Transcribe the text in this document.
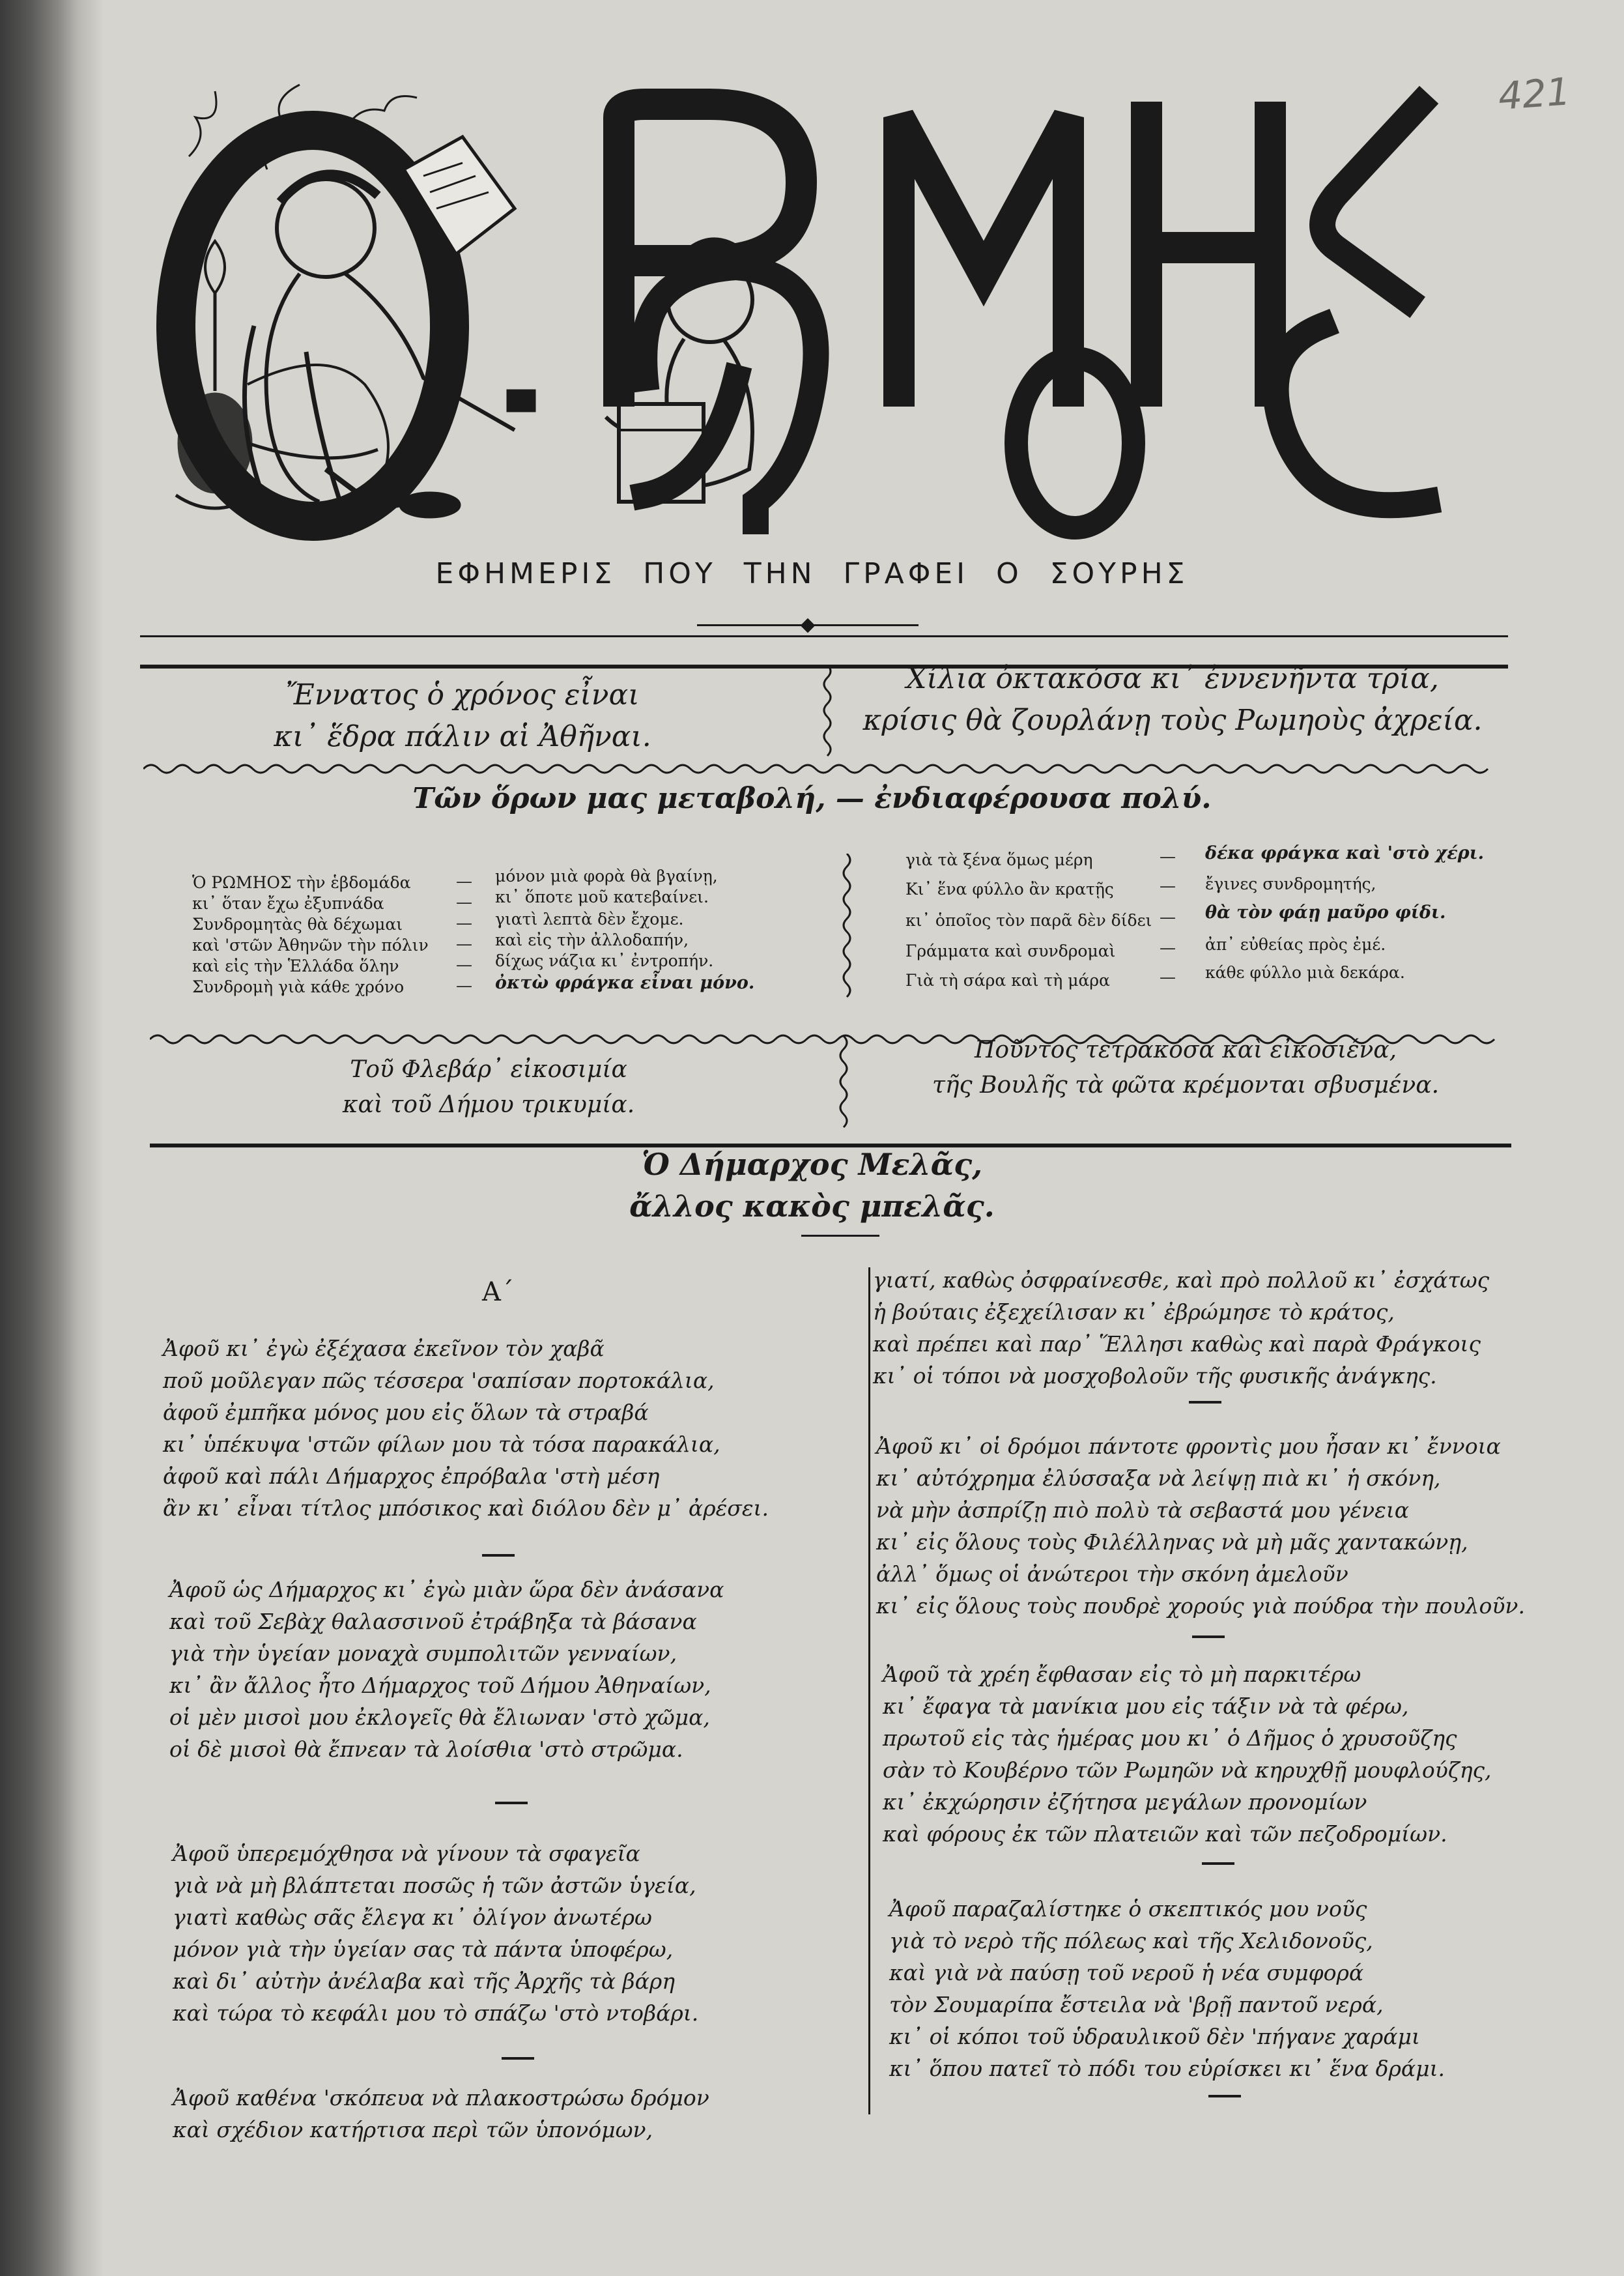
421
ΕΦΗΜΕΡΙΣ ΠΟΥ ΤΗΝ ΓΡΑΦΕΙ Ο ΣΟΥΡΗΣ
Ἔννατος ὁ χρόνος εἶναι
κι᾿ ἕδρα πάλιν αἱ Ἀθῆναι.
Χίλια ὀκτακόσα κι᾿ ἐννενῆντα τρία,
κρίσις θὰ ζουρλάνῃ τοὺς Ρωμηοὺς ἀχρεία.
Τῶν ὅρων μας μεταβολή, — ἐνδιαφέρουσα πολύ.
Ὁ ΡΩΜΗΟΣ τὴν ἑβδομάδα	— μόνον μιὰ φορὰ θὰ βγαίνῃ,
κι᾿ ὅταν ἔχω ἐξυπνάδα	— κι᾿ ὅποτε μοῦ κατεβαίνει.
Συνδρομητὰς θὰ δέχωμαι	— γιατὶ λεπτὰ δὲν ἔχομε.
καὶ 'στῶν Ἀθηνῶν τὴν πόλιν — καὶ εἰς τὴν ἀλλοδαπήν,
καὶ εἰς τὴν Ἑλλάδα ὅλην	— δίχως νάζια κι᾿ ἐντροπήν.
Συνδρομὴ γιὰ κάθε χρόνο	— ὀκτὼ φράγκα εἶναι μόνο.
γιὰ τὰ ξένα ὅμως μέρη	— δέκα φράγκα καὶ 'στὸ χέρι.
Κι᾿ ἕνα φύλλο ἂν κρατῇς	— ἔγινες συνδρομητής,
κι᾿ ὁποῖος τὸν παρᾶ δὲν δίδει — θὰ τὸν φάῃ μαῦρο φίδι.
Γράμματα καὶ συνδρομαὶ	— ἀπ᾿ εὐθείας πρὸς ἐμέ.
Γιὰ τὴ σάρα καὶ τὴ μάρα	— κάθε φύλλο μιὰ δεκάρα.
Τοῦ Φλεβάρ᾿ εἰκοσιμία
καὶ τοῦ Δήμου τρικυμία.
Ποῦντος τετρακόσα καὶ εἰκοσιένα,
τῆς Βουλῆς τὰ φῶτα κρέμονται σβυσμένα.
Ὁ Δήμαρχος Μελᾶς,
ἄλλος κακὸς μπελᾶς.
Α΄
Ἀφοῦ κι᾿ ἐγὼ ἐξέχασα ἐκεῖνον τὸν χαβᾶ
ποῦ μοῦλεγαν πῶς τέσσερα 'σαπίσαν πορτοκάλια,
ἀφοῦ ἐμπῆκα μόνος μου εἰς ὅλων τὰ στραβά
κι᾿ ὑπέκυψα 'στῶν φίλων μου τὰ τόσα παρακάλια,
ἀφοῦ καὶ πάλι Δήμαρχος ἐπρόβαλα 'στὴ μέση
ἂν κι᾿ εἶναι τίτλος μπόσικος καὶ διόλου δὲν μ᾿ ἀρέσει.
Ἀφοῦ ὡς Δήμαρχος κι᾿ ἐγὼ μιὰν ὥρα δὲν ἀνάσανα
καὶ τοῦ Σεβὰχ θαλασσινοῦ ἐτράβηξα τὰ βάσανα
γιὰ τὴν ὑγείαν μοναχὰ συμπολιτῶν γενναίων,
κι᾿ ἂν ἄλλος ἦτο Δήμαρχος τοῦ Δήμου Ἀθηναίων,
οἱ μὲν μισοὶ μου ἐκλογεῖς θὰ ἔλιωναν 'στὸ χῶμα,
οἱ δὲ μισοὶ θὰ ἔπνεαν τὰ λοίσθια 'στὸ στρῶμα.
Ἀφοῦ ὑπερεμόχθησα νὰ γίνουν τὰ σφαγεῖα
γιὰ νὰ μὴ βλάπτεται ποσῶς ἡ τῶν ἀστῶν ὑγεία,
γιατὶ καθὼς σᾶς ἔλεγα κι᾿ ὀλίγον ἀνωτέρω
μόνον γιὰ τὴν ὑγείαν σας τὰ πάντα ὑποφέρω,
καὶ δι᾿ αὐτὴν ἀνέλαβα καὶ τῆς Ἀρχῆς τὰ βάρη
καὶ τώρα τὸ κεφάλι μου τὸ σπάζω 'στὸ ντοβάρι.
Ἀφοῦ καθένα 'σκόπευα νὰ πλακοστρώσω δρόμον
καὶ σχέδιον κατήρτισα περὶ τῶν ὑπονόμων,
γιατί, καθὼς ὀσφραίνεσθε, καὶ πρὸ πολλοῦ κι᾿ ἐσχάτως
ἡ βούταις ἐξεχείλισαν κι᾿ ἐβρώμησε τὸ κράτος,
καὶ πρέπει καὶ παρ᾿ Ἕλλησι καθὼς καὶ παρὰ Φράγκοις
κι᾿ οἱ τόποι νὰ μοσχοβολοῦν τῆς φυσικῆς ἀνάγκης.
Ἀφοῦ κι᾿ οἱ δρόμοι πάντοτε φροντὶς μου ἦσαν κι᾿ ἔννοια
κι᾿ αὐτόχρημα ἐλύσσαξα νὰ λείψῃ πιὰ κι᾿ ἡ σκόνη,
νὰ μὴν ἀσπρίζῃ πιὸ πολὺ τὰ σεβαστά μου γένεια
κι᾿ εἰς ὅλους τοὺς Φιλέλληνας νὰ μὴ μᾶς χαντακώνῃ,
ἀλλ᾿ ὅμως οἱ ἀνώτεροι τὴν σκόνη ἀμελοῦν
κι᾿ εἰς ὅλους τοὺς πουδρὲ χορούς γιὰ πούδρα τὴν πουλοῦν.
Ἀφοῦ τὰ χρέη ἔφθασαν εἰς τὸ μὴ παρκιτέρω
κι᾿ ἔφαγα τὰ μανίκια μου εἰς τάξιν νὰ τὰ φέρω,
πρωτοῦ εἰς τὰς ἡμέρας μου κι᾿ ὁ Δῆμος ὁ χρυσοῦζης
σὰν τὸ Κουβέρνο τῶν Ρωμηῶν νὰ κηρυχθῇ μουφλούζης,
κι᾿ ἐκχώρησιν ἐζήτησα μεγάλων προνομίων
καὶ φόρους ἐκ τῶν πλατειῶν καὶ τῶν πεζοδρομίων.
Ἀφοῦ παραζαλίστηκε ὁ σκεπτικός μου νοῦς
γιὰ τὸ νερὸ τῆς πόλεως καὶ τῆς Χελιδονοῦς,
καὶ γιὰ νὰ παύσῃ τοῦ νεροῦ ἡ νέα συμφορά
τὸν Σουμαρίπα ἔστειλα νὰ 'βρῇ παντοῦ νερά,
κι᾿ οἱ κόποι τοῦ ὑδραυλικοῦ δὲν 'πήγανε χαράμι
κι᾿ ὅπου πατεῖ τὸ πόδι του εὑρίσκει κι᾿ ἕνα δράμι.
